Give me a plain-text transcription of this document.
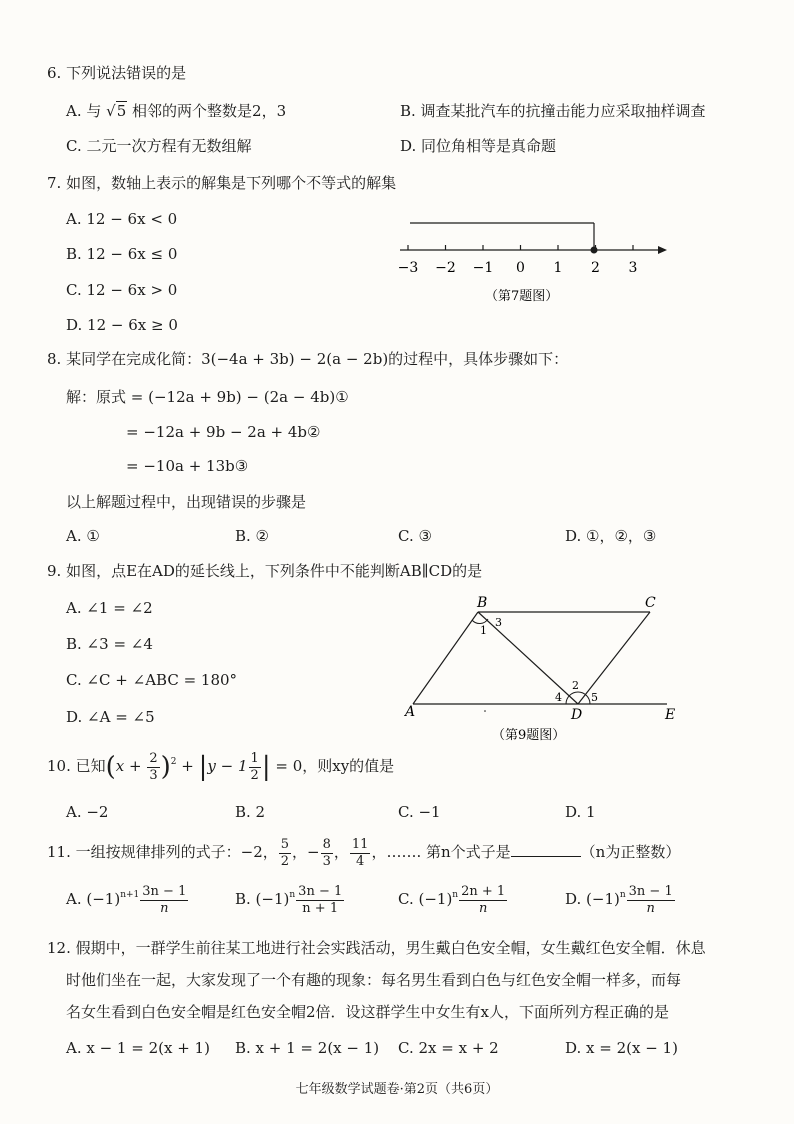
6. 下列说法错误的是
A. 与 √5 相邻的两个整数是2，3	B. 调查某批汽车的抗撞击能力应采取抽样调查
C. 二元一次方程有无数组解	D. 同位角相等是真命题
7. 如图，数轴上表示的解集是下列哪个不等式的解集
A. 12 − 6x < 0
B. 12 − 6x ≤ 0
C. 12 − 6x > 0
D. 12 − 6x ≥ 0
−3 −2 −1 0 1 2 3
（第7题图）
8. 某同学在完成化简：3(−4a + 3b) − 2(a − 2b)的过程中，具体步骤如下：
解：原式 = (−12a + 9b) − (2a − 4b)①
= −12a + 9b − 2a + 4b②
= −10a + 13b③
以上解题过程中，出现错误的步骤是
A. ①	B. ②	C. ③	D. ①，②，③
9. 如图，点E在AD的延长线上，下列条件中不能判断AB∥CD的是
A. ∠1 = ∠2
B. ∠3 = ∠4
C. ∠C + ∠ABC = 180°
D. ∠A = ∠5
B	C
A	D	E
1
3
2
4	5
（第9题图）
10. 已知$(x + \frac{2}{3} )^2 + |y - 1 \frac{1}{2}$ | = 0，则xy的值是
A. −2	B. 2	C. −1	D. 1
11. 一组按规律排列的式子：−2， $\frac{5}{2}$ ，− $\frac{8}{3}$ ， $\frac{11}{4}$ ，……. 第n个式子是	（n为正整数）
A. $(-1)^{n+1} \frac{3n - 1}{n}$	B. $(-1)^n \frac{3n - 1}{n + 1}$	C. $(-1)^n \frac{2n + 1}{n}$	D. $(-1)^n \frac{3n - 1}{n}$
12. 假期中，一群学生前往某工地进行社会实践活动，男生戴白色安全帽，女生戴红色安全帽．休息
时他们坐在一起，大家发现了一个有趣的现象：每名男生看到白色与红色安全帽一样多，而每
名女生看到白色安全帽是红色安全帽2倍．设这群学生中女生有x人，下面所列方程正确的是
A. x − 1 = 2(x + 1) B. x + 1 = 2(x − 1) C. 2x = x + 2	D. x = 2(x − 1)
七年级数学试题卷·第2页（共6页）
